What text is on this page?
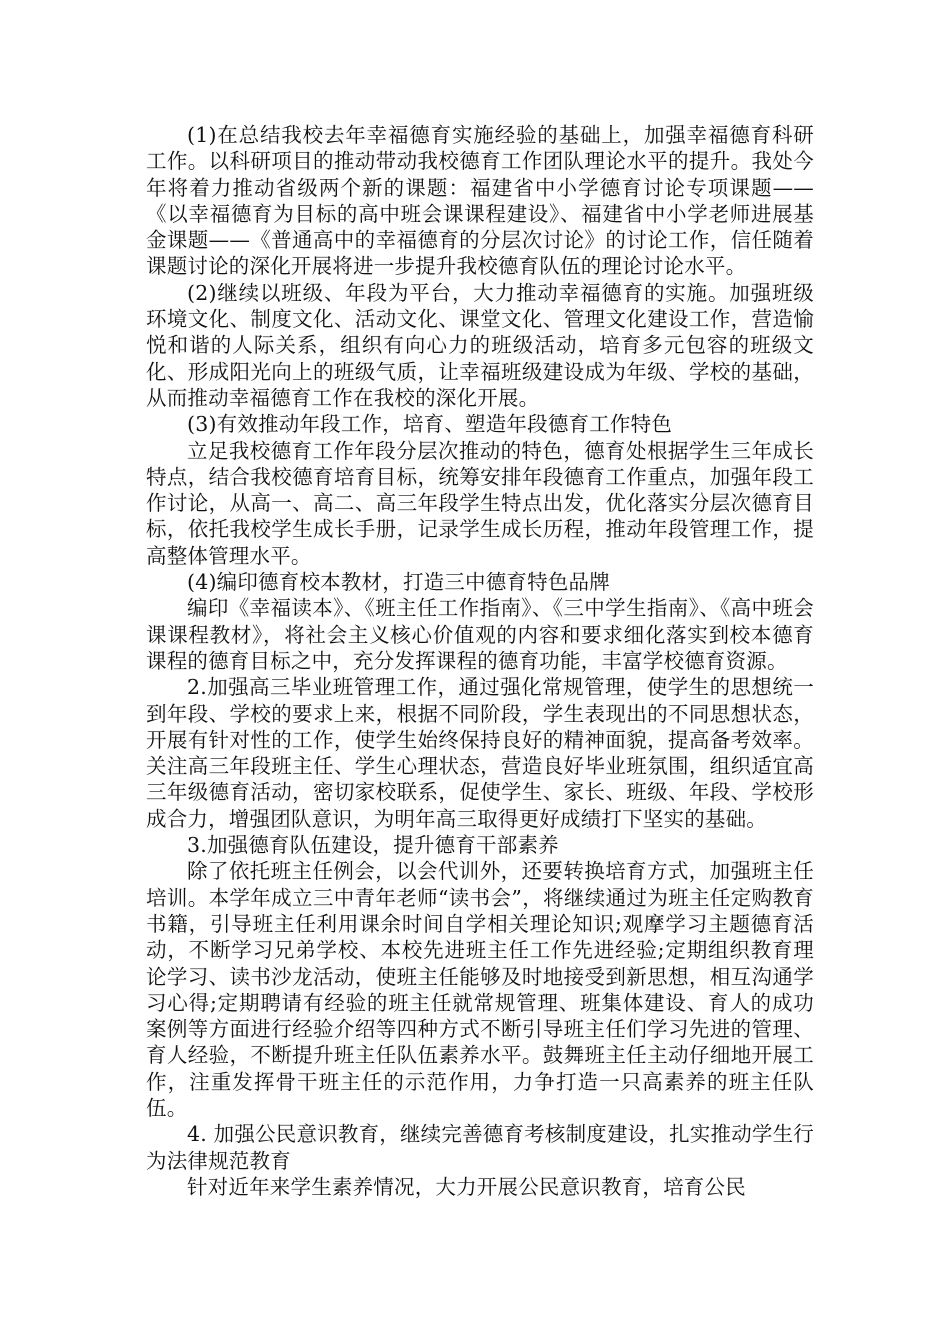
(1)在总结我校去年幸福德育实施经验的基础上，加强幸福德育科研工作。以科研项目的推动带动我校德育工作团队理论水平的提升。我处今年将着力推动省级两个新的课题：福建省中小学德育讨论专项课题——《以幸福德育为目标的高中班会课课程建设》、福建省中小学老师进展基金课题——《普通高中的幸福德育的分层次讨论》的讨论工作，信任随着课题讨论的深化开展将进一步提升我校德育队伍的理论讨论水平。

(2)继续以班级、年段为平台，大力推动幸福德育的实施。加强班级环境文化、制度文化、活动文化、课堂文化、管理文化建设工作，营造愉悦和谐的人际关系，组织有向心力的班级活动，培育多元包容的班级文化、形成阳光向上的班级气质，让幸福班级建设成为年级、学校的基础，从而推动幸福德育工作在我校的深化开展。

(3)有效推动年段工作，培育、塑造年段德育工作特色

立足我校德育工作年段分层次推动的特色，德育处根据学生三年成长特点，结合我校德育培育目标，统筹安排年段德育工作重点，加强年段工作讨论，从高一、高二、高三年段学生特点出发，优化落实分层次德育目标，依托我校学生成长手册，记录学生成长历程，推动年段管理工作，提高整体管理水平。

(4)编印德育校本教材，打造三中德育特色品牌

编印《幸福读本》、《班主任工作指南》、《三中学生指南》、《高中班会课课程教材》，将社会主义核心价值观的内容和要求细化落实到校本德育课程的德育目标之中，充分发挥课程的德育功能，丰富学校德育资源。

2.加强高三毕业班管理工作，通过强化常规管理，使学生的思想统一到年段、学校的要求上来，根据不同阶段，学生表现出的不同思想状态，开展有针对性的工作，使学生始终保持良好的精神面貌，提高备考效率。关注高三年段班主任、学生心理状态，营造良好毕业班氛围，组织适宜高三年级德育活动，密切家校联系，促使学生、家长、班级、年段、学校形成合力，增强团队意识，为明年高三取得更好成绩打下坚实的基础。

3.加强德育队伍建设，提升德育干部素养

除了依托班主任例会，以会代训外，还要转换培育方式，加强班主任培训。本学年成立三中青年老师“读书会”，将继续通过为班主任定购教育书籍，引导班主任利用课余时间自学相关理论知识;观摩学习主题德育活动，不断学习兄弟学校、本校先进班主任工作先进经验;定期组织教育理论学习、读书沙龙活动，使班主任能够及时地接受到新思想，相互沟通学习心得;定期聘请有经验的班主任就常规管理、班集体建设、育人的成功案例等方面进行经验介绍等四种方式不断引导班主任们学习先进的管理、育人经验，不断提升班主任队伍素养水平。鼓舞班主任主动仔细地开展工作，注重发挥骨干班主任的示范作用，力争打造一只高素养的班主任队伍。

4. 加强公民意识教育，继续完善德育考核制度建设，扎实推动学生行为法律规范教育

针对近年来学生素养情况，大力开展公民意识教育，培育公民
